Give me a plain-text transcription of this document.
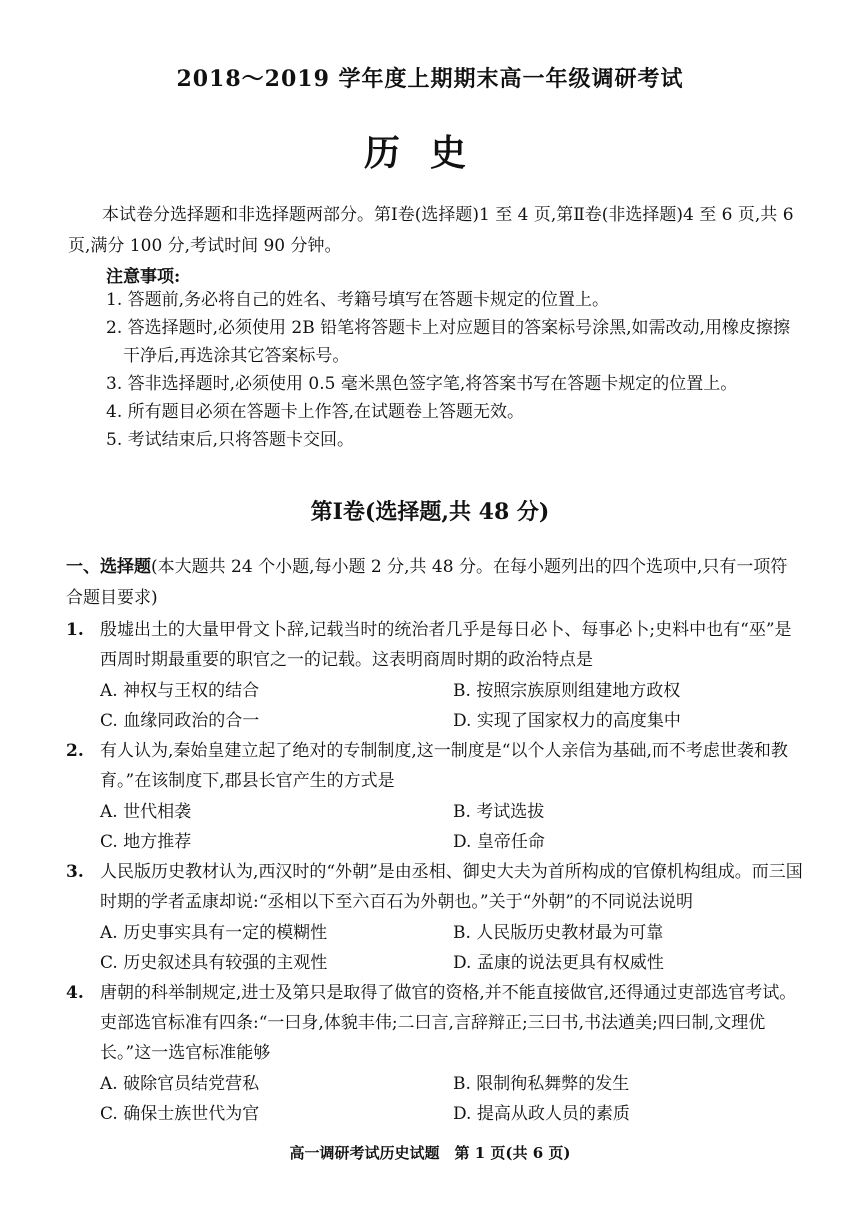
2018～2019 学年度上期期末高一年级调研考试
历史
本试卷分选择题和非选择题两部分。第Ⅰ卷(选择题)1 至 4 页,第Ⅱ卷(非选择题)4 至 6 页,共 6 页,满分 100 分,考试时间 90 分钟。
注意事项:
1. 答题前,务必将自己的姓名、考籍号填写在答题卡规定的位置上。
2. 答选择题时,必须使用 2B 铅笔将答题卡上对应题目的答案标号涂黑,如需改动,用橡皮擦擦干净后,再选涂其它答案标号。
3. 答非选择题时,必须使用 0.5 毫米黑色签字笔,将答案书写在答题卡规定的位置上。
4. 所有题目必须在答题卡上作答,在试题卷上答题无效。
5. 考试结束后,只将答题卡交回。
第Ⅰ卷(选择题,共 48 分)
一、选择题(本大题共 24 个小题,每小题 2 分,共 48 分。在每小题列出的四个选项中,只有一项符合题目要求)
1. 殷墟出土的大量甲骨文卜辞,记载当时的统治者几乎是每日必卜、每事必卜;史料中也有“巫”是西周时期最重要的职官之一的记载。这表明商周时期的政治特点是
A. 神权与王权的结合	B. 按照宗族原则组建地方政权
C. 血缘同政治的合一	D. 实现了国家权力的高度集中
2. 有人认为,秦始皇建立起了绝对的专制制度,这一制度是“以个人亲信为基础,而不考虑世袭和教育。”在该制度下,郡县长官产生的方式是
A. 世代相袭	B. 考试选拔
C. 地方推荐	D. 皇帝任命
3. 人民版历史教材认为,西汉时的“外朝”是由丞相、御史大夫为首所构成的官僚机构组成。而三国时期的学者孟康却说:“丞相以下至六百石为外朝也。”关于“外朝”的不同说法说明
A. 历史事实具有一定的模糊性	B. 人民版历史教材最为可靠
C. 历史叙述具有较强的主观性	D. 孟康的说法更具有权威性
4. 唐朝的科举制规定,进士及第只是取得了做官的资格,并不能直接做官,还得通过吏部选官考试。吏部选官标准有四条:“一曰身,体貌丰伟;二曰言,言辞辩正;三曰书,书法遒美;四曰制,文理优长。”这一选官标准能够
A. 破除官员结党营私	B. 限制徇私舞弊的发生
C. 确保士族世代为官	D. 提高从政人员的素质
高一调研考试历史试题　第 1 页(共 6 页)
